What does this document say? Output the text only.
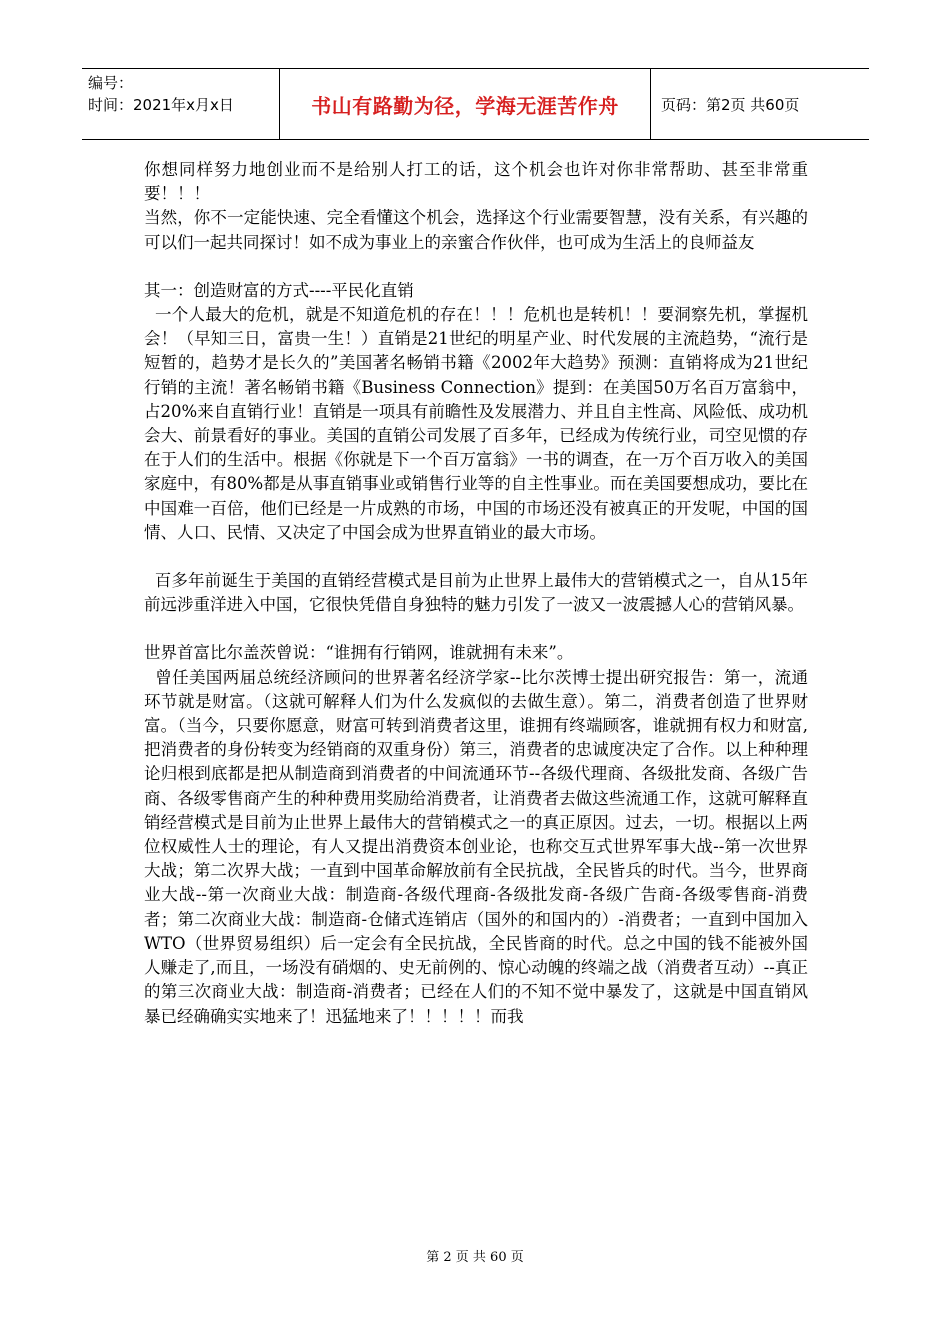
编号：
时间：2021年x月x日	书山有路勤为径，学海无涯苦作舟	页码：第2页 共60页

你想同样努力地创业而不是给别人打工的话，这个机会也许对你非常帮助、甚至非常重要！！！

当然，你不一定能快速、完全看懂这个机会，选择这个行业需要智慧，没有关系，有兴趣的可以们一起共同探讨！如不成为事业上的亲蜜合作伙伴，也可成为生活上的良师益友

其一：创造财富的方式----平民化直销

一个人最大的危机，就是不知道危机的存在！！！危机也是转机！！要洞察先机，掌握机会！（早知三日，富贵一生！）直销是21世纪的明星产业、时代发展的主流趋势，“流行是短暂的，趋势才是长久的”美国著名畅销书籍《2002年大趋势》预测：直销将成为21世纪行销的主流！著名畅销书籍《Business Connection》提到：在美国50万名百万富翁中，占20%来自直销行业！直销是一项具有前瞻性及发展潜力、并且自主性高、风险低、成功机会大、前景看好的事业。美国的直销公司发展了百多年，已经成为传统行业，司空见惯的存在于人们的生活中。根据《你就是下一个百万富翁》一书的调查，在一万个百万收入的美国家庭中，有80%都是从事直销事业或销售行业等的自主性事业。而在美国要想成功，要比在中国难一百倍，他们已经是一片成熟的市场，中国的市场还没有被真正的开发呢，中国的国情、人口、民情、又决定了中国会成为世界直销业的最大市场。

百多年前诞生于美国的直销经营模式是目前为止世界上最伟大的营销模式之一，自从15年前远涉重洋进入中国，它很快凭借自身独特的魅力引发了一波又一波震撼人心的营销风暴。

世界首富比尔盖茨曾说：“谁拥有行销网，谁就拥有未来”。

曾任美国两届总统经济顾问的世界著名经济学家--比尔茨博士提出研究报告：第一，流通环节就是财富。（这就可解释人们为什么发疯似的去做生意）。第二，消费者创造了世界财富。（当今，只要你愿意，财富可转到消费者这里，谁拥有终端顾客，谁就拥有权力和财富,把消费者的身份转变为经销商的双重身份）第三，消费者的忠诚度决定了合作。以上种种理论归根到底都是把从制造商到消费者的中间流通环节--各级代理商、各级批发商、各级广告商、各级零售商产生的种种费用奖励给消费者，让消费者去做这些流通工作，这就可解释直销经营模式是目前为止世界上最伟大的营销模式之一的真正原因。过去，一切。根据以上两位权威性人士的理论，有人又提出消费资本创业论，也称交互式世界军事大战--第一次世界大战；第二次界大战；一直到中国革命解放前有全民抗战，全民皆兵的时代。当今，世界商业大战--第一次商业大战：制造商-各级代理商-各级批发商-各级广告商-各级零售商-消费者；第二次商业大战：制造商-仓储式连销店（国外的和国内的）-消费者；一直到中国加入WTO（世界贸易组织）后一定会有全民抗战，全民皆商的时代。总之中国的钱不能被外国人赚走了,而且，一场没有硝烟的、史无前例的、惊心动魄的终端之战（消费者互动）--真正的第三次商业大战：制造商-消费者；已经在人们的不知不觉中暴发了，这就是中国直销风暴已经确确实实地来了！迅猛地来了！！！！！而我

第 2 页 共 60 页
